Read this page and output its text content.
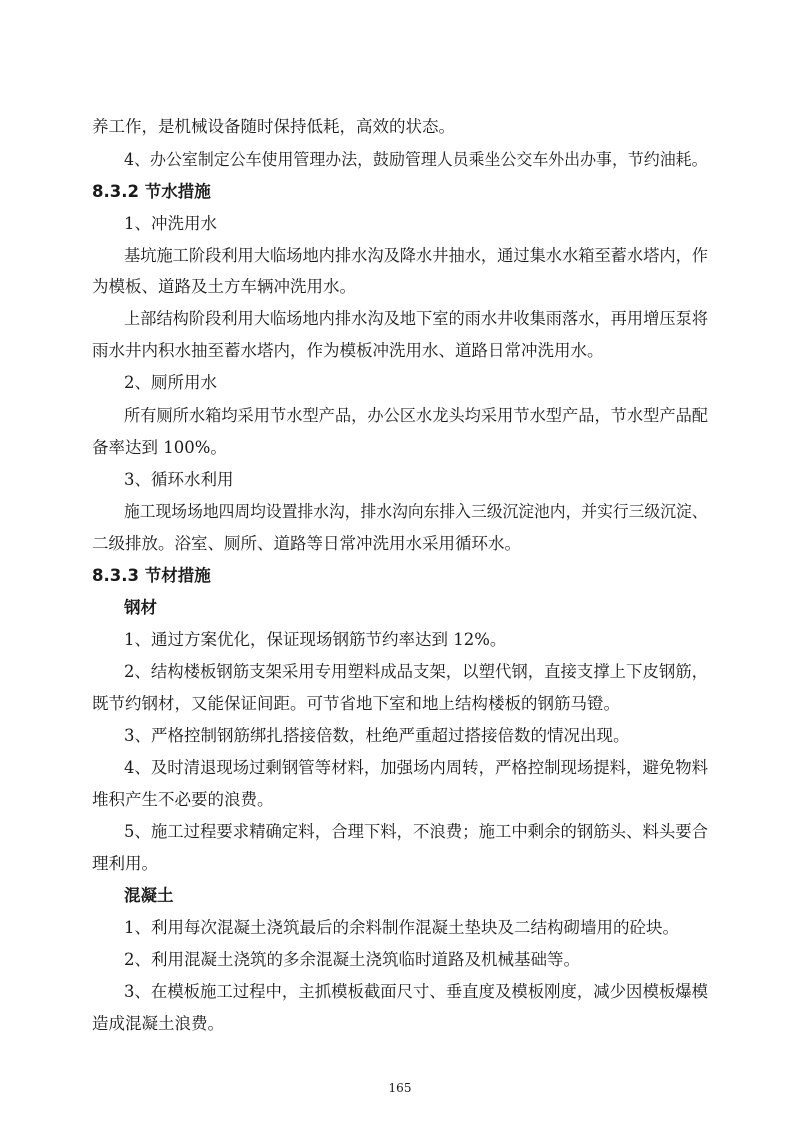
养工作，是机械设备随时保持低耗，高效的状态。
4、办公室制定公车使用管理办法，鼓励管理人员乘坐公交车外出办事，节约油耗。
8.3.2 节水措施
1、冲洗用水
基坑施工阶段利用大临场地内排水沟及降水井抽水，通过集水水箱至蓄水塔内，作
为模板、道路及土方车辆冲洗用水。
上部结构阶段利用大临场地内排水沟及地下室的雨水井收集雨落水，再用增压泵将
雨水井内积水抽至蓄水塔内，作为模板冲洗用水、道路日常冲洗用水。
2、厕所用水
所有厕所水箱均采用节水型产品，办公区水龙头均采用节水型产品，节水型产品配
备率达到 100%。
3、循环水利用
施工现场场地四周均设置排水沟，排水沟向东排入三级沉淀池内，并实行三级沉淀、
二级排放。浴室、厕所、道路等日常冲洗用水采用循环水。
8.3.3 节材措施
钢材
1、通过方案优化，保证现场钢筋节约率达到 12%。
2、结构楼板钢筋支架采用专用塑料成品支架，以塑代钢，直接支撑上下皮钢筋，
既节约钢材，又能保证间距。可节省地下室和地上结构楼板的钢筋马镫。
3、严格控制钢筋绑扎搭接倍数，杜绝严重超过搭接倍数的情况出现。
4、及时清退现场过剩钢管等材料，加强场内周转，严格控制现场提料，避免物料
堆积产生不必要的浪费。
5、施工过程要求精确定料，合理下料，不浪费；施工中剩余的钢筋头、料头要合
理利用。
混凝土
1、利用每次混凝土浇筑最后的余料制作混凝土垫块及二结构砌墙用的砼块。
2、利用混凝土浇筑的多余混凝土浇筑临时道路及机械基础等。
3、在模板施工过程中，主抓模板截面尺寸、垂直度及模板刚度，减少因模板爆模
造成混凝土浪费。
165
